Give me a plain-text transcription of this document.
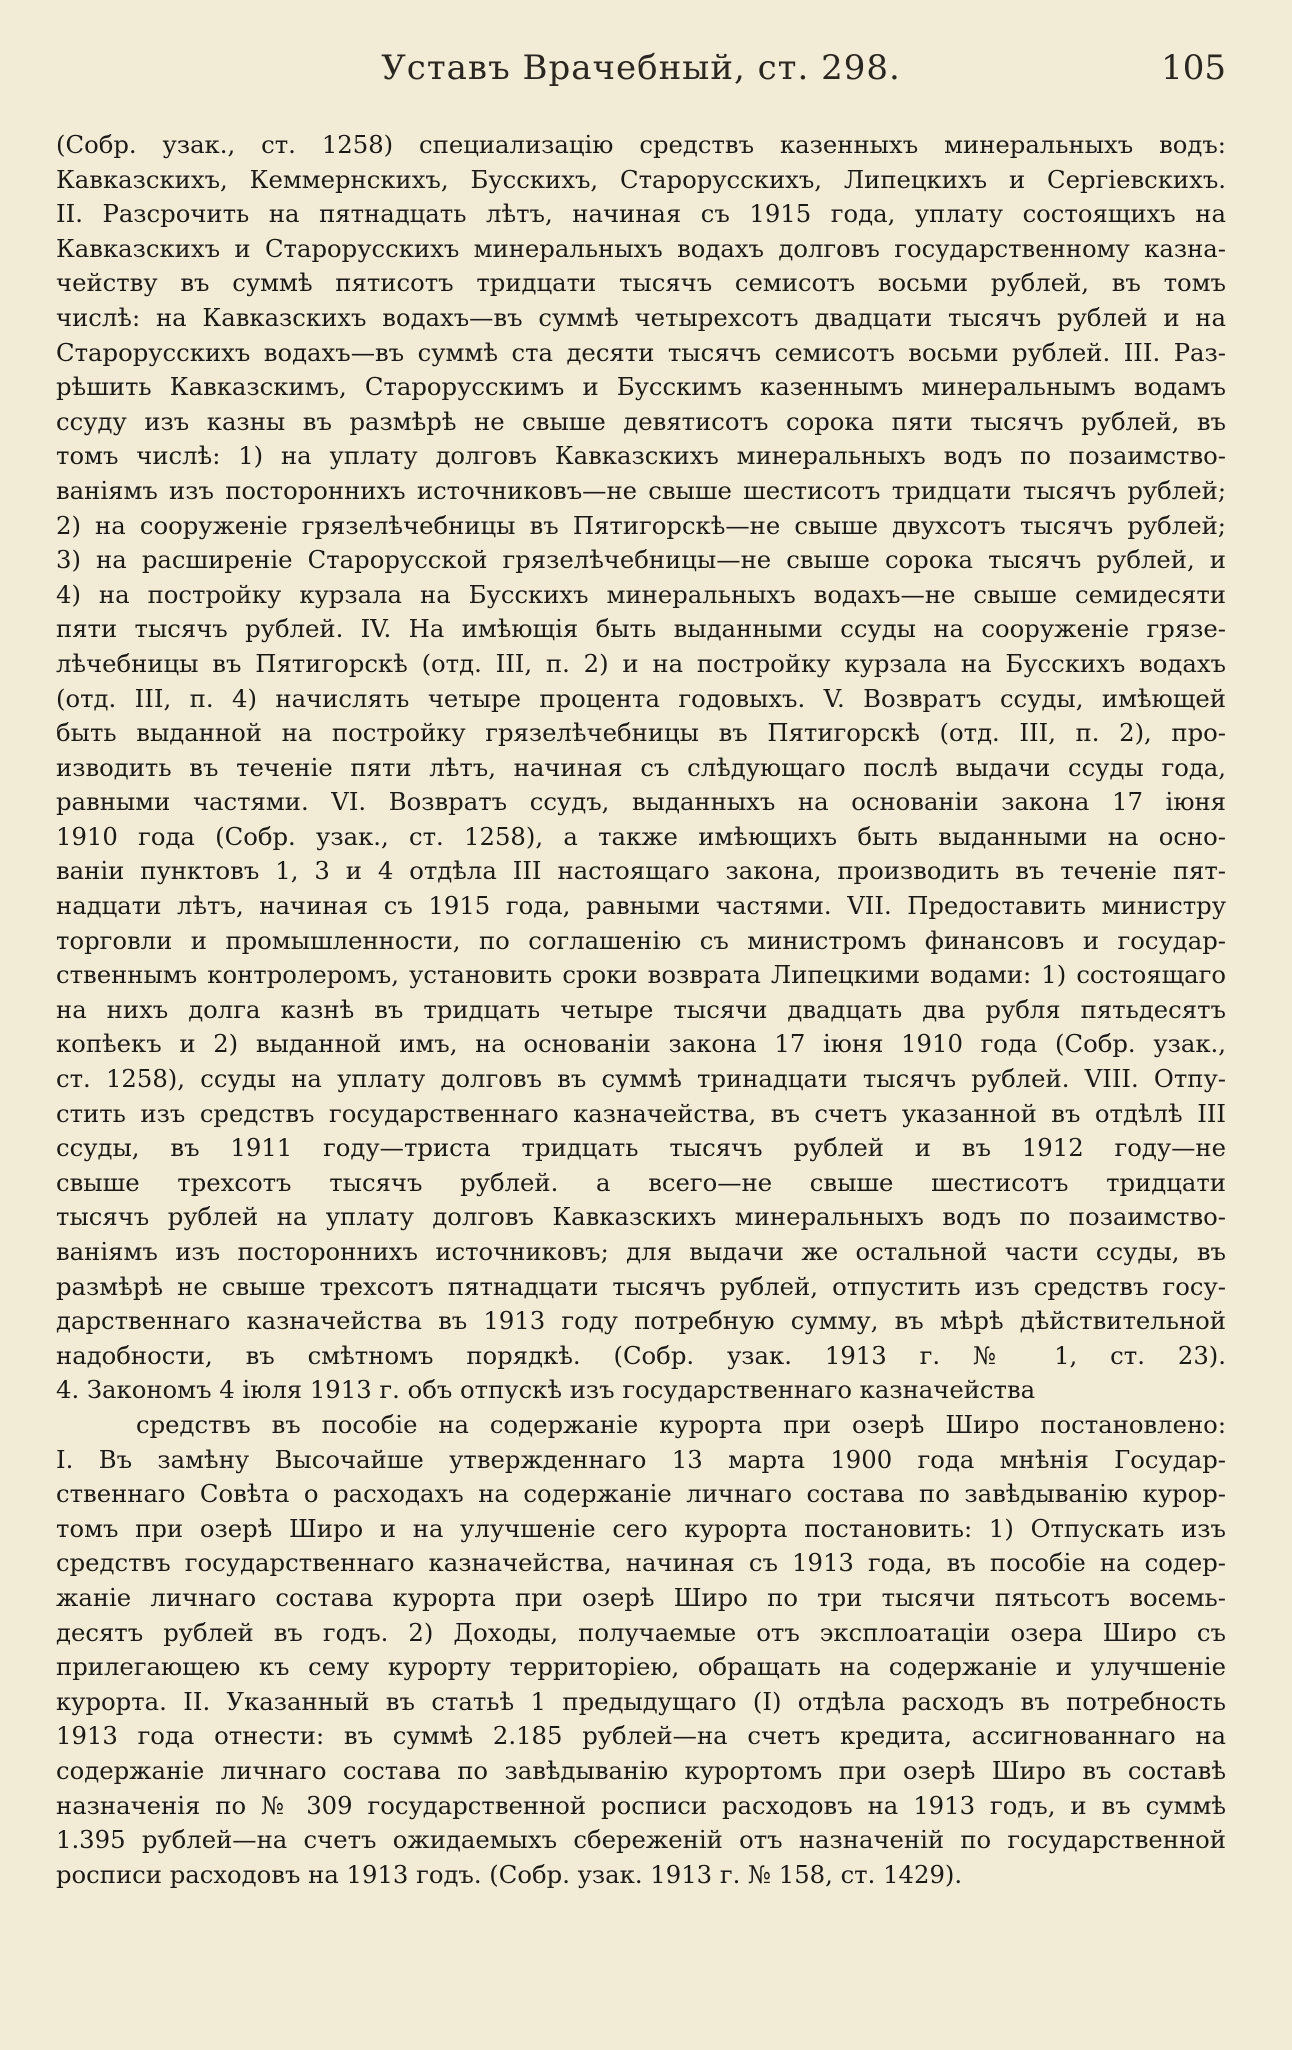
Уставъ Врачебный, ст. 298.	105
(Собр. узак., ст. 1258) специализацію средствъ казенныхъ минеральныхъ водъ:
Кавказскихъ, Кеммернскихъ, Бусскихъ, Старорусскихъ, Липецкихъ и Сергіевскихъ.
II. Разсрочить на пятнадцать лѣтъ, начиная съ 1915 года, уплату состоящихъ на
Кавказскихъ и Старорусскихъ минеральныхъ водахъ долговъ государственному казна-
чейству въ суммѣ пятисотъ тридцати тысячъ семисотъ восьми рублей, въ томъ
числѣ: на Кавказскихъ водахъ—въ суммѣ четырехсотъ двадцати тысячъ рублей и на
Старорусскихъ водахъ—въ суммѣ ста десяти тысячъ семисотъ восьми рублей. III. Раз-
рѣшить Кавказскимъ, Старорусскимъ и Бусскимъ казеннымъ минеральнымъ водамъ
ссуду изъ казны въ размѣрѣ не свыше девятисотъ сорока пяти тысячъ рублей, въ
томъ числѣ: 1) на уплату долговъ Кавказскихъ минеральныхъ водъ по позаимство-
ваніямъ изъ постороннихъ источниковъ—не свыше шестисотъ тридцати тысячъ рублей;
2) на сооруженіе грязелѣчебницы въ Пятигорскѣ—не свыше двухсотъ тысячъ рублей;
3) на расширеніе Старорусской грязелѣчебницы—не свыше сорока тысячъ рублей, и
4) на постройку курзала на Бусскихъ минеральныхъ водахъ—не свыше семидесяти
пяти тысячъ рублей. IV. На имѣющія быть выданными ссуды на сооруженіе грязе-
лѣчебницы въ Пятигорскѣ (отд. III, п. 2) и на постройку курзала на Бусскихъ водахъ
(отд. III, п. 4) начислять четыре процента годовыхъ. V. Возвратъ ссуды, имѣющей
быть выданной на постройку грязелѣчебницы въ Пятигорскѣ (отд. III, п. 2), про-
изводить въ теченіе пяти лѣтъ, начиная съ слѣдующаго послѣ выдачи ссуды года,
равными частями. VI. Возвратъ ссудъ, выданныхъ на основаніи закона 17 іюня
1910 года (Собр. узак., ст. 1258), а также имѣющихъ быть выданными на осно-
ваніи пунктовъ 1, 3 и 4 отдѣла III настоящаго закона, производить въ теченіе пят-
надцати лѣтъ, начиная съ 1915 года, равными частями. VII. Предоставить министру
торговли и промышленности, по соглашенію съ министромъ финансовъ и государ-
ственнымъ контролеромъ, установить сроки возврата Липецкими водами: 1) состоящаго
на нихъ долга казнѣ въ тридцать четыре тысячи двадцать два рубля пятьдесятъ
копѣекъ и 2) выданной имъ, на основаніи закона 17 іюня 1910 года (Собр. узак.,
ст. 1258), ссуды на уплату долговъ въ суммѣ тринадцати тысячъ рублей. VIII. Отпу-
стить изъ средствъ государственнаго казначейства, въ счетъ указанной въ отдѣлѣ III
ссуды, въ 1911 году—триста тридцать тысячъ рублей и въ 1912 году—не
свыше трехсотъ тысячъ рублей. а всего—не свыше шестисотъ тридцати
тысячъ рублей на уплату долговъ Кавказскихъ минеральныхъ водъ по позаимство-
ваніямъ изъ постороннихъ источниковъ; для выдачи же остальной части ссуды, въ
размѣрѣ не свыше трехсотъ пятнадцати тысячъ рублей, отпустить изъ средствъ госу-
дарственнаго казначейства въ 1913 году потребную сумму, въ мѣрѣ дѣйствительной
надобности, въ смѣтномъ порядкѣ. (Собр. узак. 1913 г. № 1, ст. 23).
4. Закономъ 4 іюля 1913 г. объ отпускѣ изъ государственнаго казначейства
средствъ въ пособіе на содержаніе курорта при озерѣ Широ постановлено:
I. Въ замѣну Высочайше утвержденнаго 13 марта 1900 года мнѣнія Государ-
ственнаго Совѣта о расходахъ на содержаніе личнаго состава по завѣдыванію курор-
томъ при озерѣ Широ и на улучшеніе сего курорта постановить: 1) Отпускать изъ
средствъ государственнаго казначейства, начиная съ 1913 года, въ пособіе на содер-
жаніе личнаго состава курорта при озерѣ Широ по три тысячи пятьсотъ восемь-
десятъ рублей въ годъ. 2) Доходы, получаемые отъ эксплоатаціи озера Широ съ
прилегающею къ сему курорту территоріею, обращать на содержаніе и улучшеніе
курорта. II. Указанный въ статьѣ 1 предыдущаго (I) отдѣла расходъ въ потребность
1913 года отнести: въ суммѣ 2.185 рублей—на счетъ кредита, ассигнованнаго на
содержаніе личнаго состава по завѣдыванію курортомъ при озерѣ Широ въ составѣ
назначенія по № 309 государственной росписи расходовъ на 1913 годъ, и въ суммѣ
1.395 рублей—на счетъ ожидаемыхъ сбереженій отъ назначеній по государственной
росписи расходовъ на 1913 годъ. (Собр. узак. 1913 г. № 158, ст. 1429).
